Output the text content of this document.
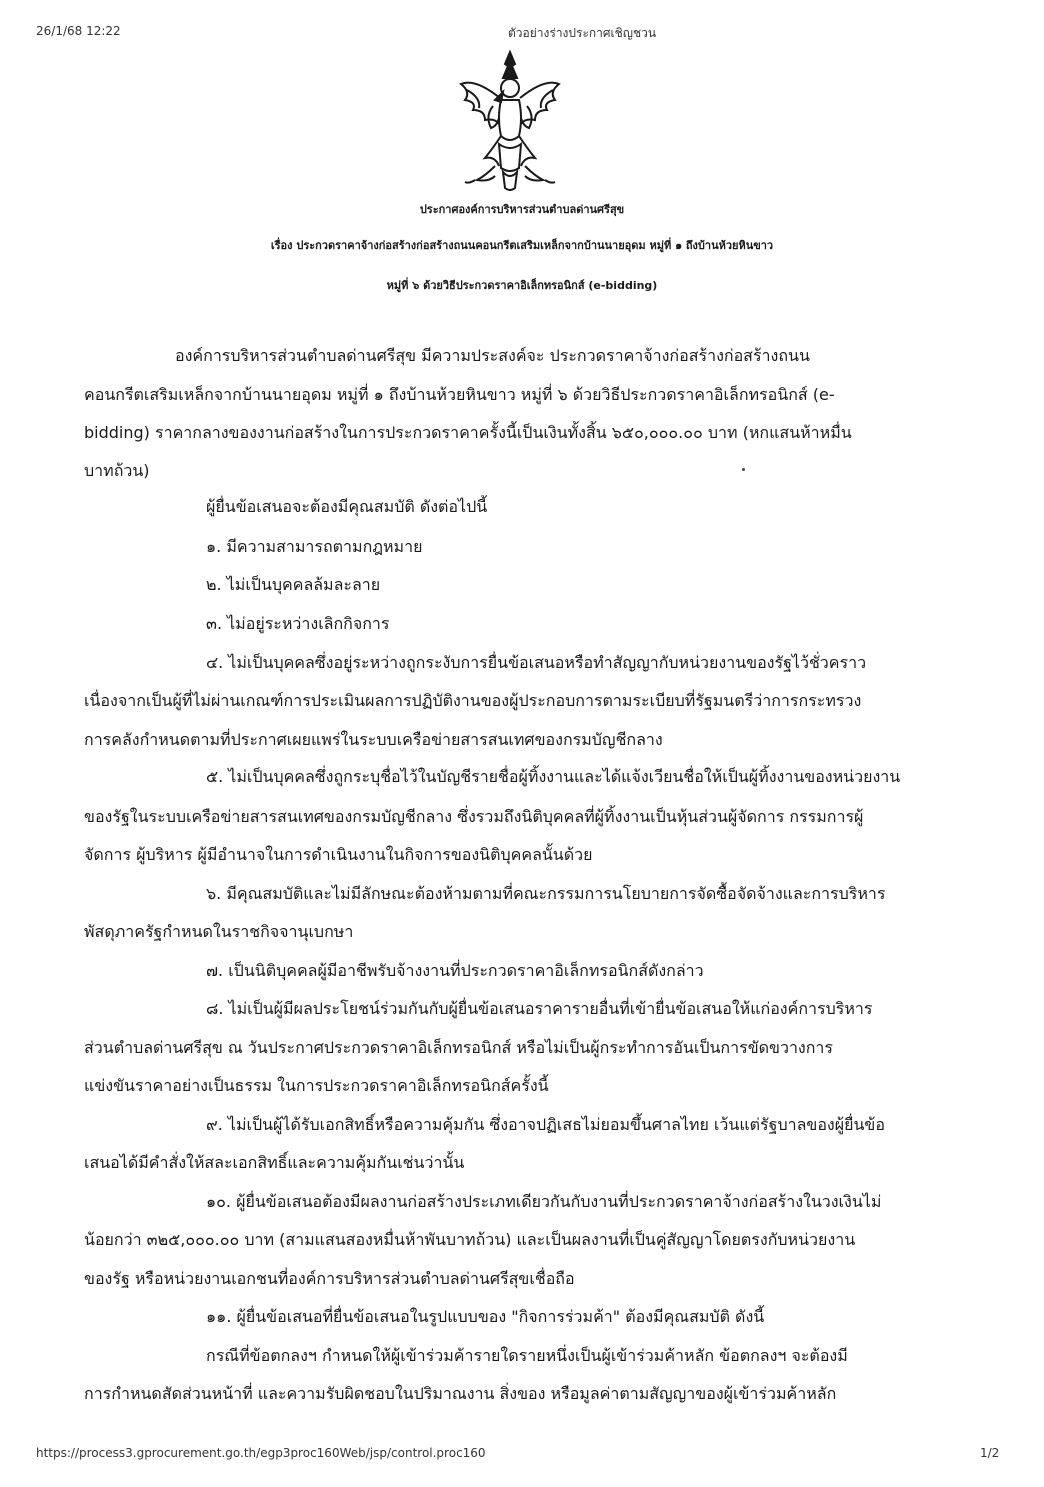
26/1/68 12:22	ตัวอย่างร่างประกาศเชิญชวน
ประกาศองค์การบริหารส่วนตำบลด่านศรีสุข
เรื่อง ประกวดราคาจ้างก่อสร้างก่อสร้างถนนคอนกรีตเสริมเหล็กจากบ้านนายอุดม หมู่ที่ ๑ ถึงบ้านห้วยหินขาว
หมู่ที่ ๖ ด้วยวิธีประกวดราคาอิเล็กทรอนิกส์ (e-bidding)
องค์การบริหารส่วนตำบลด่านศรีสุข มีความประสงค์จะ ประกวดราคาจ้างก่อสร้างก่อสร้างถนน
คอนกรีตเสริมเหล็กจากบ้านนายอุดม หมู่ที่ ๑ ถึงบ้านห้วยหินขาว หมู่ที่ ๖ ด้วยวิธีประกวดราคาอิเล็กทรอนิกส์ (e-
bidding) ราคากลางของงานก่อสร้างในการประกวดราคาครั้งนี้เป็นเงินทั้งสิ้น ๖๕๐,๐๐๐.๐๐ บาท (หกแสนห้าหมื่น
บาทถ้วน)
ผู้ยื่นข้อเสนอจะต้องมีคุณสมบัติ ดังต่อไปนี้
๑. มีความสามารถตามกฎหมาย
๒. ไม่เป็นบุคคลล้มละลาย
๓. ไม่อยู่ระหว่างเลิกกิจการ
๔. ไม่เป็นบุคคลซึ่งอยู่ระหว่างถูกระงับการยื่นข้อเสนอหรือทำสัญญากับหน่วยงานของรัฐไว้ชั่วคราว
เนื่องจากเป็นผู้ที่ไม่ผ่านเกณฑ์การประเมินผลการปฏิบัติงานของผู้ประกอบการตามระเบียบที่รัฐมนตรีว่าการกระทรวง
การคลังกำหนดตามที่ประกาศเผยแพร่ในระบบเครือข่ายสารสนเทศของกรมบัญชีกลาง
๕. ไม่เป็นบุคคลซึ่งถูกระบุชื่อไว้ในบัญชีรายชื่อผู้ทิ้งงานและได้แจ้งเวียนชื่อให้เป็นผู้ทิ้งงานของหน่วยงาน
ของรัฐในระบบเครือข่ายสารสนเทศของกรมบัญชีกลาง ซึ่งรวมถึงนิติบุคคลที่ผู้ทิ้งงานเป็นหุ้นส่วนผู้จัดการ กรรมการผู้
จัดการ ผู้บริหาร ผู้มีอำนาจในการดำเนินงานในกิจการของนิติบุคคลนั้นด้วย
๖. มีคุณสมบัติและไม่มีลักษณะต้องห้ามตามที่คณะกรรมการนโยบายการจัดซื้อจัดจ้างและการบริหาร
พัสดุภาครัฐกำหนดในราชกิจจานุเบกษา
๗. เป็นนิติบุคคลผู้มีอาชีพรับจ้างงานที่ประกวดราคาอิเล็กทรอนิกส์ดังกล่าว
๘. ไม่เป็นผู้มีผลประโยชน์ร่วมกันกับผู้ยื่นข้อเสนอราคารายอื่นที่เข้ายื่นข้อเสนอให้แก่องค์การบริหาร
ส่วนตำบลด่านศรีสุข ณ วันประกาศประกวดราคาอิเล็กทรอนิกส์ หรือไม่เป็นผู้กระทำการอันเป็นการขัดขวางการ
แข่งขันราคาอย่างเป็นธรรม ในการประกวดราคาอิเล็กทรอนิกส์ครั้งนี้
๙. ไม่เป็นผู้ได้รับเอกสิทธิ์หรือความคุ้มกัน ซึ่งอาจปฏิเสธไม่ยอมขึ้นศาลไทย เว้นแต่รัฐบาลของผู้ยื่นข้อ
เสนอได้มีคำสั่งให้สละเอกสิทธิ์และความคุ้มกันเช่นว่านั้น
๑๐. ผู้ยื่นข้อเสนอต้องมีผลงานก่อสร้างประเภทเดียวกันกับงานที่ประกวดราคาจ้างก่อสร้างในวงเงินไม่
น้อยกว่า ๓๒๕,๐๐๐.๐๐ บาท (สามแสนสองหมื่นห้าพันบาทถ้วน) และเป็นผลงานที่เป็นคู่สัญญาโดยตรงกับหน่วยงาน
ของรัฐ หรือหน่วยงานเอกชนที่องค์การบริหารส่วนตำบลด่านศรีสุขเชื่อถือ
๑๑. ผู้ยื่นข้อเสนอที่ยื่นข้อเสนอในรูปแบบของ "กิจการร่วมค้า" ต้องมีคุณสมบัติ ดังนี้
กรณีที่ข้อตกลงฯ กำหนดให้ผู้เข้าร่วมค้ารายใดรายหนึ่งเป็นผู้เข้าร่วมค้าหลัก ข้อตกลงฯ จะต้องมี
การกำหนดสัดส่วนหน้าที่ และความรับผิดชอบในปริมาณงาน สิ่งของ หรือมูลค่าตามสัญญาของผู้เข้าร่วมค้าหลัก
https://process3.gprocurement.go.th/egp3proc160Web/jsp/control.proc160	1/2
